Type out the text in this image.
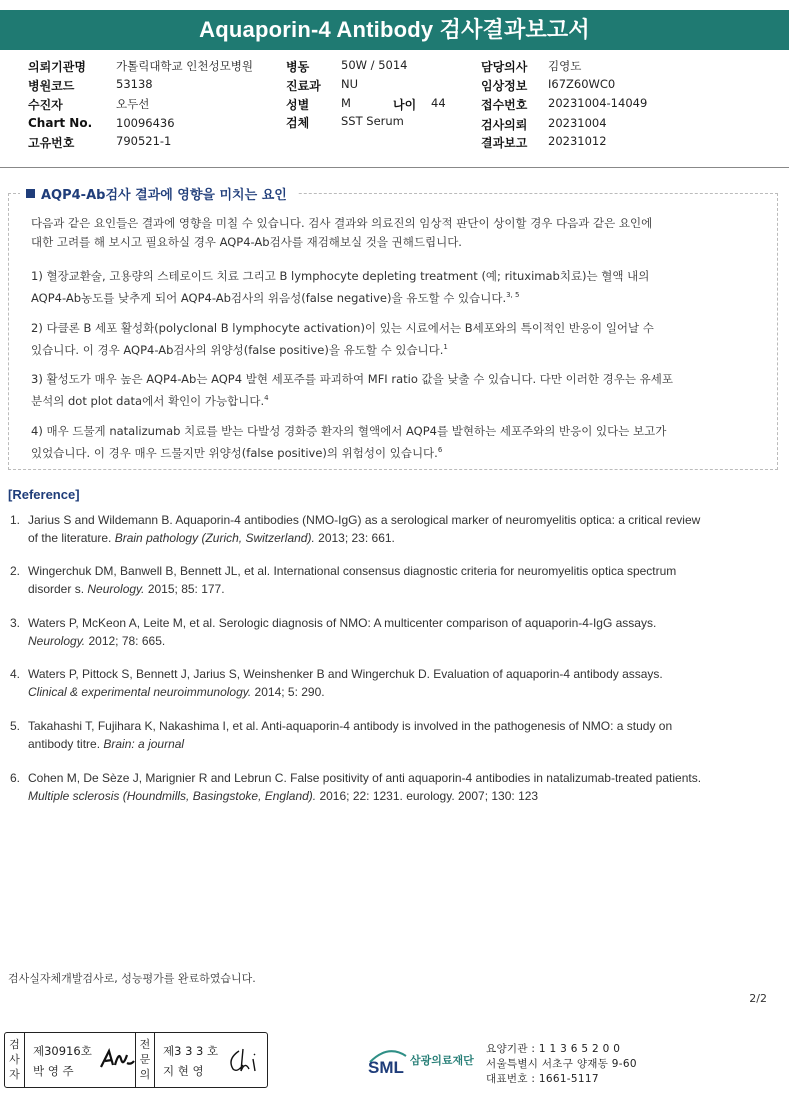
Aquaporin-4 Antibody 검사결과보고서
의뢰기관명	가톨릭대학교 인천성모병원
병원코드	53138
수진자	오두선
Chart No. 10096436
고유번호	790521-1
병동	50W / 5014
진료과 NU
성별	M	나이 44
검체	SST Serum
담당의사 김영도
임상정보 I67Z60WC0
접수번호 20231004-14049
검사의뢰 20231004
결과보고 20231012
AQP4-Ab검사 결과에 영향을 미치는 요인
다음과 같은 요인들은 결과에 영향을 미칠 수 있습니다. 검사 결과와 의료진의 임상적 판단이 상이할 경우 다음과 같은 요인에
대한 고려를 해 보시고 필요하실 경우 AQP4-Ab검사를 재검해보실 것을 권해드립니다.
1) 혈장교환술, 고용량의 스테로이드 치료 그리고 B lymphocyte depleting treatment (예; rituximab치료)는 혈액 내의
AQP4-Ab농도를 낮추게 되어 AQP4-Ab검사의 위음성(false negative)을 유도할 수 있습니다.$^{3, 5}$
2) 다클론 B 세포 활성화(polyclonal B lymphocyte activation)이 있는 시료에서는 B세포와의 특이적인 반응이 일어날 수
있습니다. 이 경우 AQP4-Ab검사의 위양성(false positive)을 유도할 수 있습니다.$^1$
3) 활성도가 매우 높은 AQP4-Ab는 AQP4 발현 세포주를 파괴하여 MFI ratio 값을 낮출 수 있습니다. 다만 이러한 경우는 유세포
분석의 dot plot data에서 확인이 가능합니다.$^4$
4) 매우 드물게 natalizumab 치료를 받는 다발성 경화증 환자의 혈액에서 AQP4를 발현하는 세포주와의 반응이 있다는 보고가
있었습니다. 이 경우 매우 드물지만 위양성(false positive)의 위험성이 있습니다.$^6$
[Reference]
1. Jarius S and Wildemann B. Aquaporin-4 antibodies (NMO-IgG) as a serological marker of neuromyelitis optica: a critical review
of the literature. Brain pathology (Zurich, Switzerland). 2013; 23: 661.
2. Wingerchuk DM, Banwell B, Bennett JL, et al. International consensus diagnostic criteria for neuromyelitis optica spectrum
disorder s. Neurology. 2015; 85: 177.
3. Waters P, McKeon A, Leite M, et al. Serologic diagnosis of NMO: A multicenter comparison of aquaporin-4-IgG assays.
Neurology. 2012; 78: 665.
4. Waters P, Pittock S, Bennett J, Jarius S, Weinshenker B and Wingerchuk D. Evaluation of aquaporin-4 antibody assays.
Clinical & experimental neuroimmunology. 2014; 5: 290.
5. Takahashi T, Fujihara K, Nakashima I, et al. Anti-aquaporin-4 antibody is involved in the pathogenesis of NMO: a study on
antibody titre. Brain: a journal
6. Cohen M, De Sèze J, Marignier R and Lebrun C. False positivity of anti aquaporin-4 antibodies in natalizumab-treated patients.
Multiple sclerosis (Houndmills, Basingstoke, England). 2016; 22: 1231. eurology. 2007; 130: 123
검사실자체개발검사로, 성능평가를 완료하였습니다.
2/2
검
사
자
제30916호
박 영 주
전
문
의
제3 3 3 호
지 현 영	SML 삼광의료재단
요양기관 : 1 1 3 6 5 2 0 0
서울특별시 서초구 양재동 9-60
대표번호 : 1661-5117
